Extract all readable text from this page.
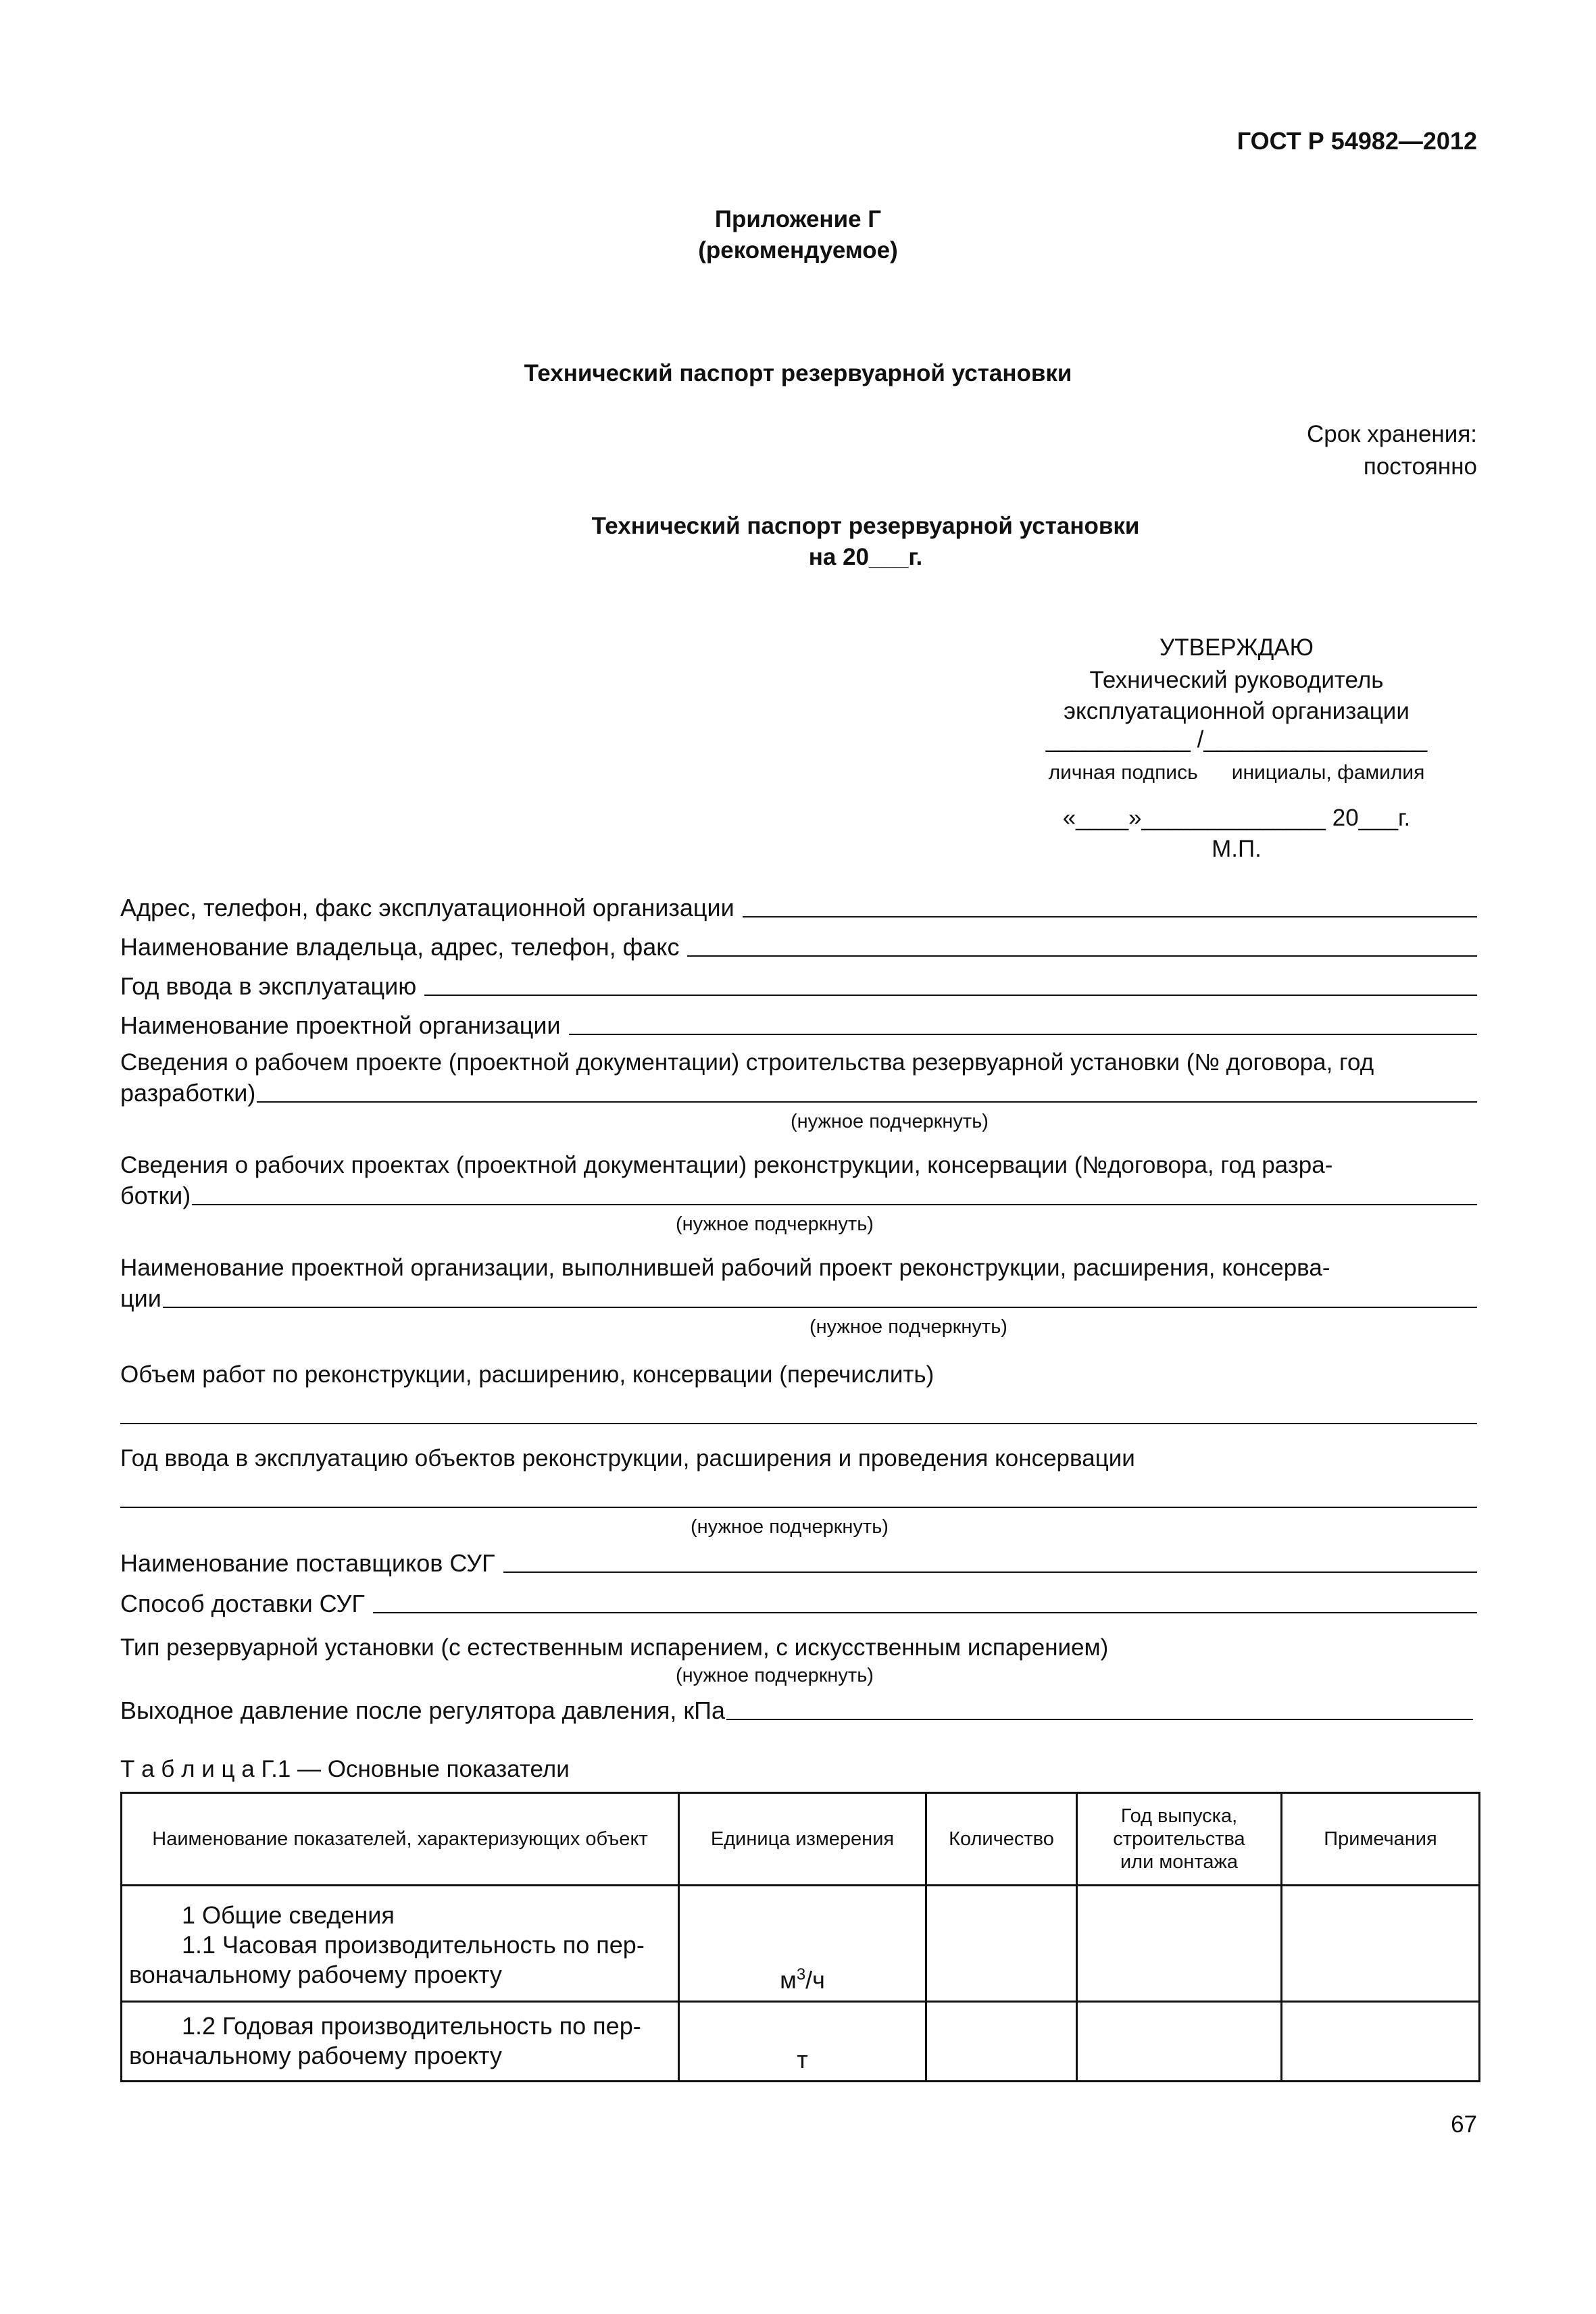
ГОСТ Р 54982—2012
Приложение Г
(рекомендуемое)
Технический паспорт резервуарной установки
Срок хранения:
постоянно
Технический паспорт резервуарной установки
на 20___г.
УТВЕРЖДАЮ
Технический руководитель
эксплуатационной организации
___________ /_________________
личная подпись      инициалы, фамилия
«____»______________ 20___г.
М.П.
Адрес, телефон, факс эксплуатационной организации
Наименование владельца, адрес, телефон, факс
Год ввода в эксплуатацию
Наименование проектной организации
Сведения о рабочем проекте (проектной документации) строительства резервуарной установки (№ договора, год
разработки)
(нужное подчеркнуть)
Сведения о рабочих проектах (проектной документации) реконструкции, консервации (№договора, год разра-
ботки)
(нужное подчеркнуть)
Наименование проектной организации, выполнившей рабочий проект реконструкции, расширения, консерва-
ции
(нужное подчеркнуть)
Объем работ по реконструкции, расширению, консервации (перечислить)
Год ввода в эксплуатацию объектов реконструкции, расширения и проведения консервации
(нужное подчеркнуть)
Наименование поставщиков СУГ
Способ доставки СУГ
Тип резервуарной установки (с естественным испарением, с искусственным испарением)
(нужное подчеркнуть)
Выходное давление после регулятора давления, кПа
Т а б л и ц а Г.1 — Основные показатели
Наименование показателей, характеризующих объект	Единица измерения	Количество	Год выпуска, строительства или монтажа	Примечания

1 Общие сведения
1.1 Часовая производительность по пер-
воначальному рабочему проекту	$м^3/ч$			

1.2 Годовая производительность по пер-
воначальному рабочему проекту	т			
67
